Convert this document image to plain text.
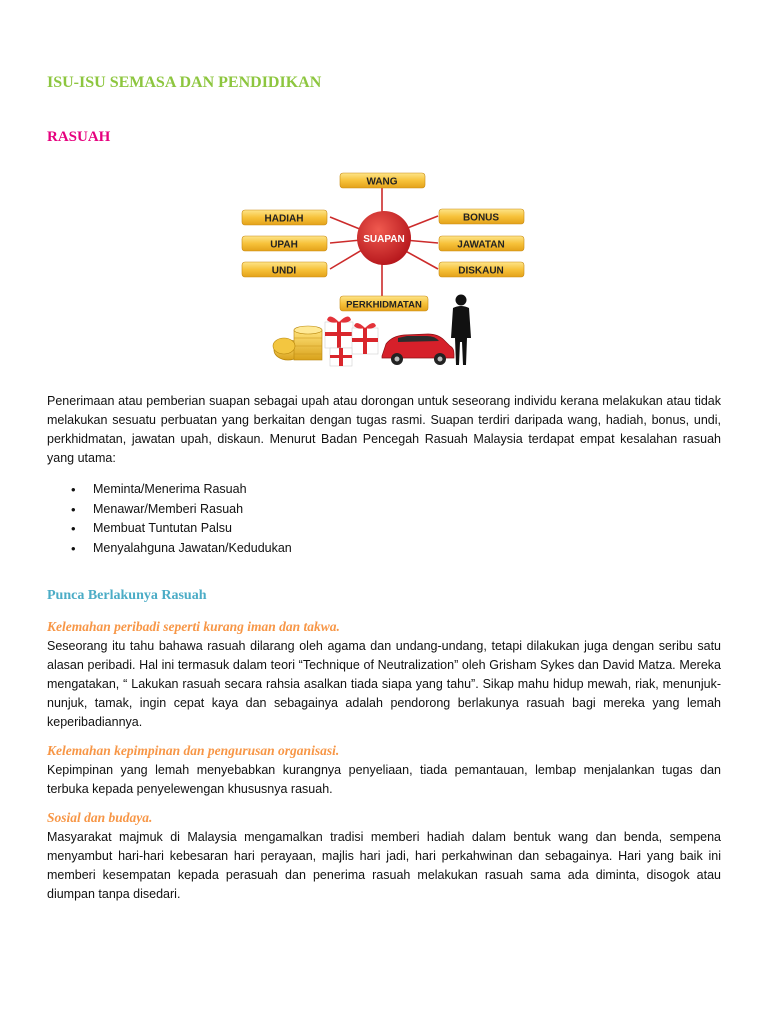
ISU-ISU SEMASA DAN PENDIDIKAN
RASUAH
SUAPAN
WANG
HADIAH
UPAH
UNDI
BONUS
JAWATAN
DISKAUN
PERKHIDMATAN

Penerimaan atau pemberian suapan sebagai upah atau dorongan untuk seseorang individu kerana melakukan atau tidak melakukan sesuatu perbuatan yang berkaitan dengan tugas rasmi. Suapan terdiri daripada wang, hadiah, bonus, undi, perkhidmatan, jawatan upah, diskaun. Menurut Badan Pencegah Rasuah Malaysia terdapat empat kesalahan rasuah yang utama:

• Meminta/Menerima Rasuah
• Menawar/Memberi Rasuah
• Membuat Tuntutan Palsu
• Menyalahguna Jawatan/Kedudukan
Punca Berlakunya Rasuah
Kelemahan peribadi seperti kurang iman dan takwa.

Seseorang itu tahu bahawa rasuah dilarang oleh agama dan undang-undang, tetapi dilakukan juga dengan seribu satu alasan peribadi. Hal ini termasuk dalam teori “Technique of Neutralization” oleh Grisham Sykes dan David Matza. Mereka mengatakan, “ Lakukan rasuah secara rahsia asalkan tiada siapa yang tahu”. Sikap mahu hidup mewah, riak, menunjuk-nunjuk, tamak, ingin cepat kaya dan sebagainya adalah pendorong berlakunya rasuah bagi mereka yang lemah keperibadiannya.

Kelemahan kepimpinan dan pengurusan organisasi.

Kepimpinan yang lemah menyebabkan kurangnya penyeliaan, tiada pemantauan, lembap menjalankan tugas dan terbuka kepada penyelewengan khususnya rasuah.

Sosial dan budaya.

Masyarakat majmuk di Malaysia mengamalkan tradisi memberi hadiah dalam bentuk wang dan benda, sempena menyambut hari-hari kebesaran hari perayaan, majlis hari jadi, hari perkahwinan dan sebagainya. Hari yang baik ini memberi kesempatan kepada perasuah dan penerima rasuah melakukan rasuah sama ada diminta, disogok atau diumpan tanpa disedari.
